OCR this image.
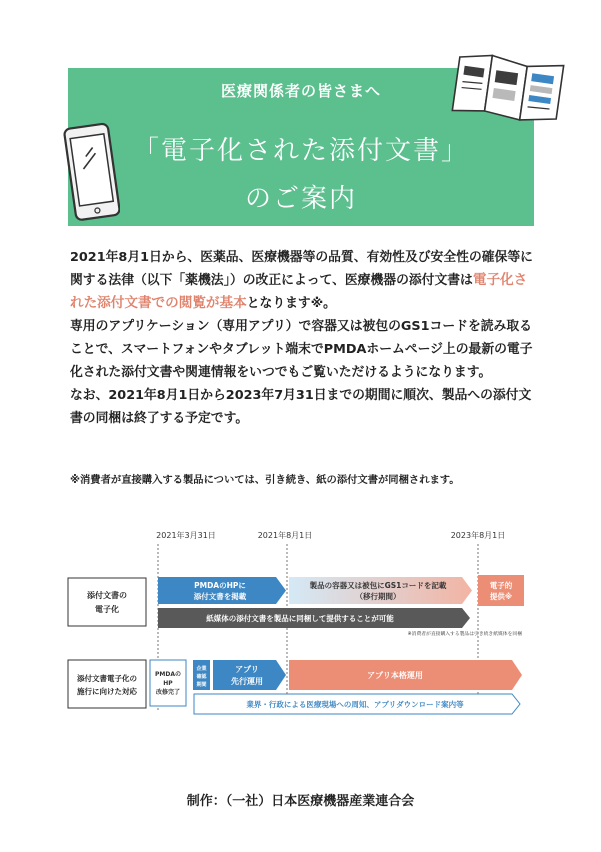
医療関係者の皆さまへ
「電子化された添付文書」
のご案内

2021年8月1日から、医薬品、医療機器等の品質、有効性及び安全性の確保等に関する法律（以下「薬機法」）の改正によって、医療機器の添付文書は電子化された添付文書での閲覧が基本となります※。

専用のアプリケーション（専用アプリ）で容器又は被包のGS1コードを読み取ることで、スマートフォンやタブレット端末でPMDAホームページ上の最新の電子化された添付文書や関連情報をいつでもご覧いただけるようになります。

なお、2021年8月1日から2023年7月31日までの期間に順次、製品への添付文書の同梱は終了する予定です。

※消費者が直接購入する製品については、引き続き、紙の添付文書が同梱されます。
2021年3月31日	2021年8月1日	2023年8月1日
添付文書の
電子化
PMDAのHPに
添付文書を掲載
製品の容器又は被包にGS1コードを記載
（移行期間）
電子的
提供※
紙媒体の添付文書を製品に同梱して提供することが可能
※消費者が直接購入する製品は引き続き紙媒体を同梱
添付文書電子化の
施行に向けた対応
PMDAの
HP
改修完了
企業
確認
期間
アプリ
先行運用
アプリ本格運用
業界・行政による医療現場への周知、アプリダウンロード案内等
制作：（一社）日本医療機器産業連合会
